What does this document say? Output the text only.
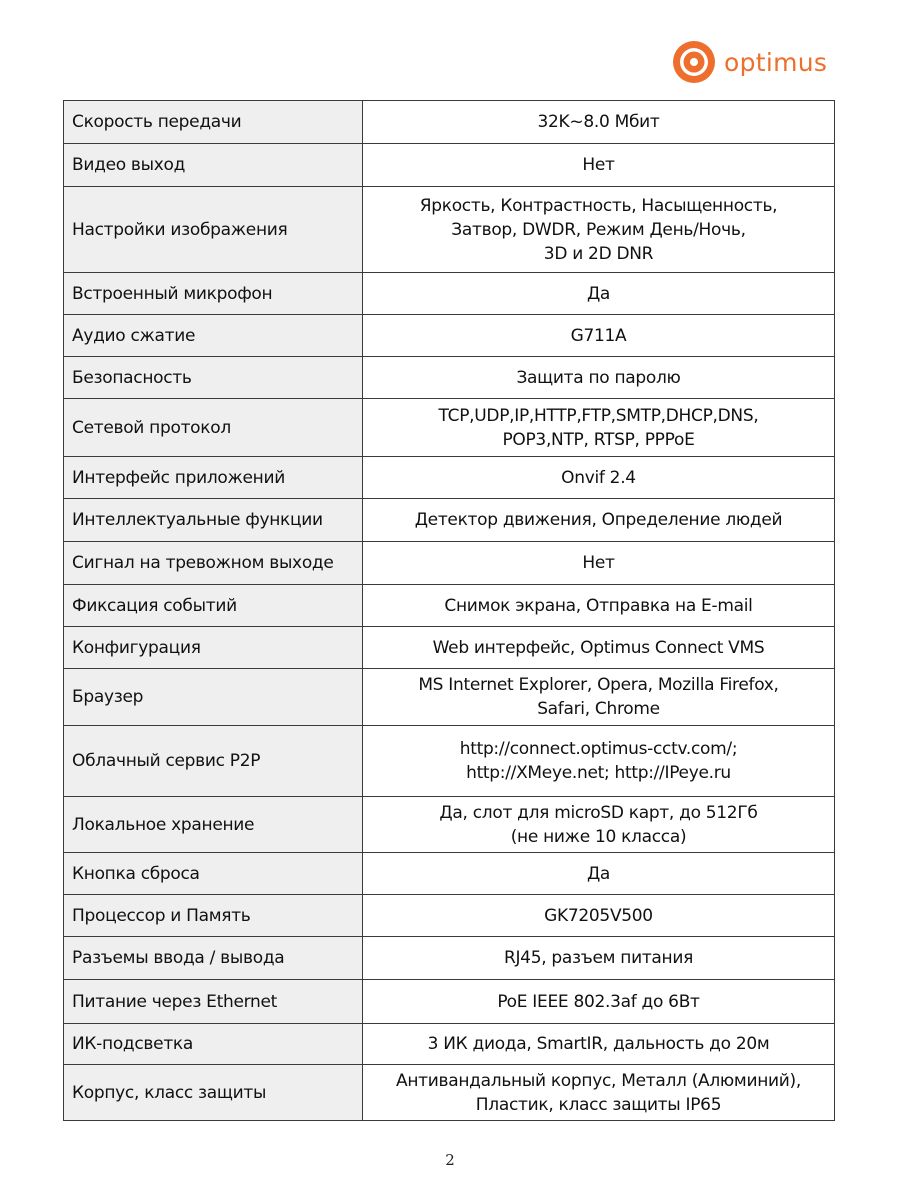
optimus
Скорость передачи	32K~8.0 Мбит

Видео выход	Нет

Настройки изображения	Яркость, Контрастность, Насыщенность,
Затвор, DWDR, Режим День/Ночь,
3D и 2D DNR

Встроенный микрофон	Да

Аудио сжатие	G711A

Безопасность	Защита по паролю

Сетевой протокол	TCP,UDP,IP,HTTP,FTP,SMTP,DHCP,DNS,
POP3,NTP, RTSP, PPPoE

Интерфейс приложений	Onvif 2.4

Интеллектуальные функции	Детектор движения, Определение людей

Сигнал на тревожном выходе	Нет

Фиксация событий	Снимок экрана, Отправка на E-mail

Конфигурация	Web интерфейс, Optimus Connect VMS

Браузер	MS Internet Explorer, Opera, Mozilla Firefox,
Safari, Chrome

Облачный сервис P2P	http://connect.optimus-cctv.com/;
http://XMeye.net; http://IPeye.ru

Локальное хранение	Да, слот для microSD карт, до 512Гб
(не ниже 10 класса)

Кнопка сброса	Да

Процессор и Память	GK7205V500

Разъемы ввода / вывода	RJ45, разъем питания

Питание через Ethernet	PoE IEEE 802.3af до 6Вт

ИК-подсветка	3 ИК диода, SmartIR, дальность до 20м

Корпус, класс защиты	Антивандальный корпус, Металл (Алюминий),
Пластик, класс защиты IP65
2
